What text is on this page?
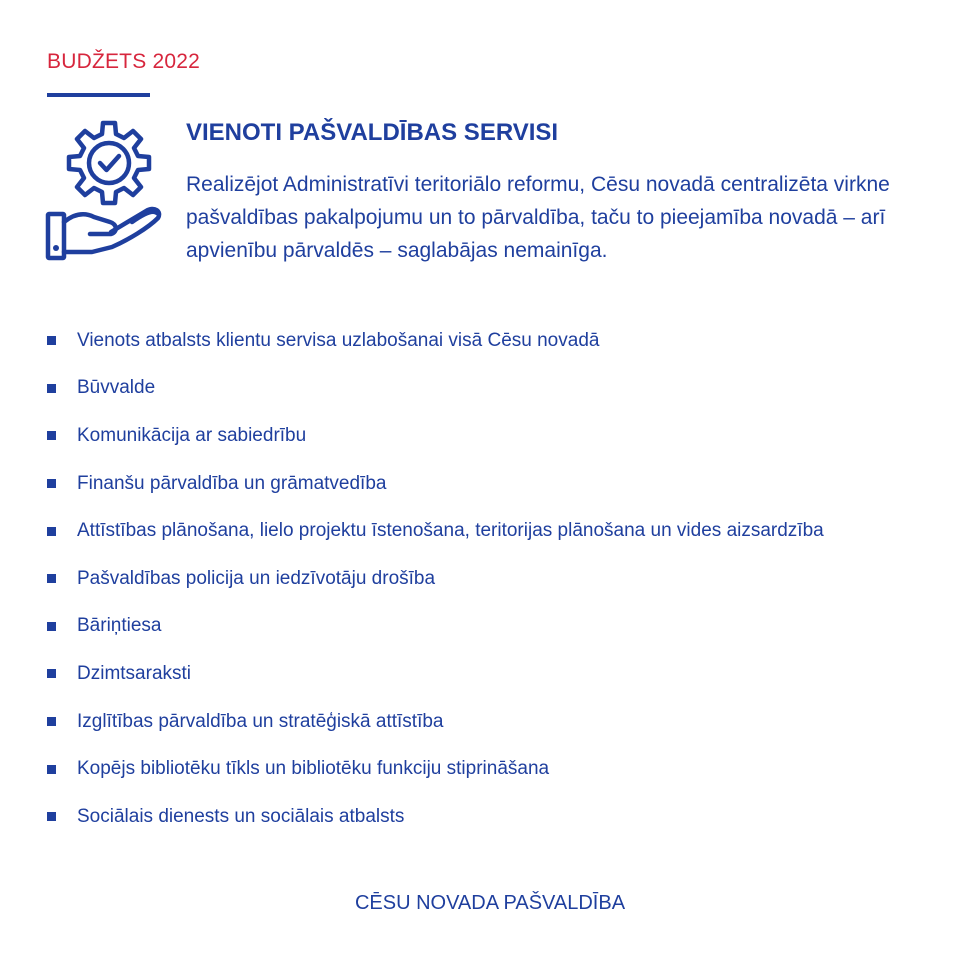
BUDŽETS 2022
VIENOTI PAŠVALDĪBAS SERVISI

Realizējot Administratīvi teritoriālo reformu, Cēsu novadā centralizēta virkne pašvaldības pakalpojumu un to pārvaldība, taču to pieejamība novadā – arī apvienību pārvaldēs – saglabājas nemainīga.

Vienots atbalsts klientu servisa uzlabošanai visā Cēsu novadā
Būvvalde
Komunikācija ar sabiedrību
Finanšu pārvaldība un grāmatvedība
Attīstības plānošana, lielo projektu īstenošana, teritorijas plānošana un vides aizsardzība
Pašvaldības policija un iedzīvotāju drošība
Bāriņtiesa
Dzimtsaraksti
Izglītības pārvaldība un stratēģiskā attīstība
Kopējs bibliotēku tīkls un bibliotēku funkciju stiprināšana
Sociālais dienests un sociālais atbalsts
CĒSU NOVADA PAŠVALDĪBA
